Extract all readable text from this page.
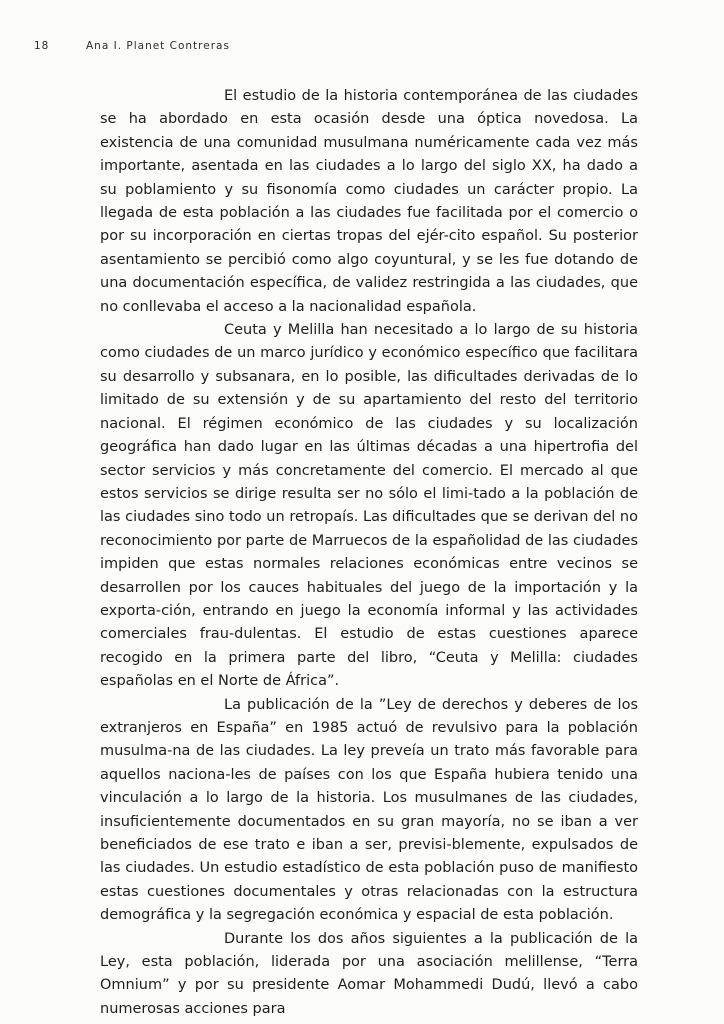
18	Ana I. Planet Contreras

El estudio de la historia contemporánea de las ciudades se ha abordado en esta ocasión desde una óptica novedosa. La existencia de una comunidad musulmana numéricamente cada vez más importante, asentada en las ciudades a lo largo del siglo XX, ha dado a su poblamiento y su fisonomía como ciudades un carácter propio. La llegada de esta población a las ciudades fue facilitada por el comercio o por su incorporación en ciertas tropas del ejér-cito español. Su posterior asentamiento se percibió como algo coyuntural, y se les fue dotando de una documentación específica, de validez restringida a las ciudades, que no conllevaba el acceso a la nacionalidad española.

Ceuta y Melilla han necesitado a lo largo de su historia como ciudades de un marco jurídico y económico específico que facilitara su desarrollo y subsanara, en lo posible, las dificultades derivadas de lo limitado de su extensión y de su apartamiento del resto del territorio nacional. El régimen económico de las ciudades y su localización geográfica han dado lugar en las últimas décadas a una hipertrofia del sector servicios y más concretamente del comercio. El mercado al que estos servicios se dirige resulta ser no sólo el limi-tado a la población de las ciudades sino todo un retropaís. Las dificultades que se derivan del no reconocimiento por parte de Marruecos de la españolidad de las ciudades impiden que estas normales relaciones económicas entre vecinos se desarrollen por los cauces habituales del juego de la importación y la exporta-ción, entrando en juego la economía informal y las actividades comerciales frau-dulentas. El estudio de estas cuestiones aparece recogido en la primera parte del libro, “Ceuta y Melilla: ciudades españolas en el Norte de África”.

La publicación de la ”Ley de derechos y deberes de los extranjeros en España” en 1985 actuó de revulsivo para la población musulma-na de las ciudades. La ley preveía un trato más favorable para aquellos naciona-les de países con los que España hubiera tenido una vinculación a lo largo de la historia. Los musulmanes de las ciudades, insuficientemente documentados en su gran mayoría, no se iban a ver beneficiados de ese trato e iban a ser, previsi-blemente, expulsados de las ciudades. Un estudio estadístico de esta población puso de manifiesto estas cuestiones documentales y otras relacionadas con la estructura demográfica y la segregación económica y espacial de esta población.

Durante los dos años siguientes a la publicación de la Ley, esta población, liderada por una asociación melillense, “Terra Omnium” y por su presidente Aomar Mohammedi Dudú, llevó a cabo numerosas acciones para
